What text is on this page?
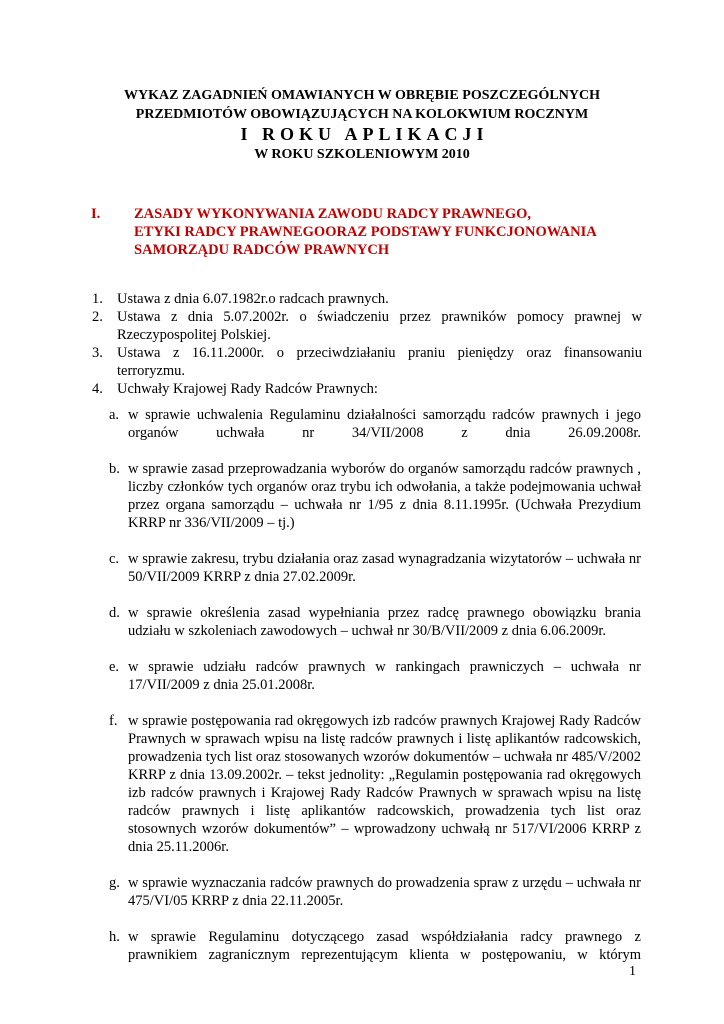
WYKAZ ZAGADNIEŃ OMAWIANYCH W OBRĘBIE POSZCZEGÓLNYCH
PRZEDMIOTÓW OBOWIĄZUJĄCYCH NA KOLOKWIUM ROCZNYM
I ROKU APLIKACJI
W ROKU SZKOLENIOWYM 2010
I. ZASADY WYKONYWANIA ZAWODU RADCY PRAWNEGO,
ETYKI RADCY PRAWNEGOORAZ PODSTAWY FUNKCJONOWANIA
SAMORZĄDU RADCÓW PRAWNYCH
1. Ustawa z dnia 6.07.1982r.o radcach prawnych.
2. Ustawa z dnia 5.07.2002r. o świadczeniu przez prawników pomocy prawnej w Rzeczypospolitej Polskiej.
3. Ustawa z 16.11.2000r. o przeciwdziałaniu praniu pieniędzy oraz finansowaniu terroryzmu.
4. Uchwały Krajowej Rady Radców Prawnych:
a. w sprawie uchwalenia Regulaminu działalności samorządu radców prawnych i jego organów uchwała nr 34/VII/2008 z dnia 26.09.2008r.
b. w sprawie zasad przeprowadzania wyborów do organów samorządu radców prawnych , liczby członków tych organów oraz trybu ich odwołania, a także podejmowania uchwał przez organa samorządu – uchwała nr 1/95 z dnia 8.11.1995r. (Uchwała Prezydium KRRP nr 336/VII/2009 – tj.)
c. w sprawie zakresu, trybu działania oraz zasad wynagradzania wizytatorów – uchwała nr 50/VII/2009 KRRP z dnia 27.02.2009r.
d. w sprawie określenia zasad wypełniania przez radcę prawnego obowiązku brania udziału w szkoleniach zawodowych – uchwał nr 30/B/VII/2009 z dnia 6.06.2009r.
e. w sprawie udziału radców prawnych w rankingach prawniczych – uchwała nr 17/VII/2009 z dnia 25.01.2008r.
f. w sprawie postępowania rad okręgowych izb radców prawnych Krajowej Rady Radców Prawnych w sprawach wpisu na listę radców prawnych i listę aplikantów radcowskich, prowadzenia tych list oraz stosowanych wzorów dokumentów – uchwała nr 485/V/2002 KRRP z dnia 13.09.2002r. – tekst jednolity: „Regulamin postępowania rad okręgowych izb radców prawnych i Krajowej Rady Radców Prawnych w sprawach wpisu na listę radców prawnych i listę aplikantów radcowskich, prowadzenia tych list oraz stosownych wzorów dokumentów” – wprowadzony uchwałą nr 517/VI/2006 KRRP z dnia 25.11.2006r.
g. w sprawie wyznaczania radców prawnych do prowadzenia spraw z urzędu – uchwała nr 475/VI/05 KRRP z dnia 22.11.2005r.
h. w sprawie Regulaminu dotyczącego zasad współdziałania radcy prawnego z prawnikiem zagranicznym reprezentującym klienta w postępowaniu, w którym
1
